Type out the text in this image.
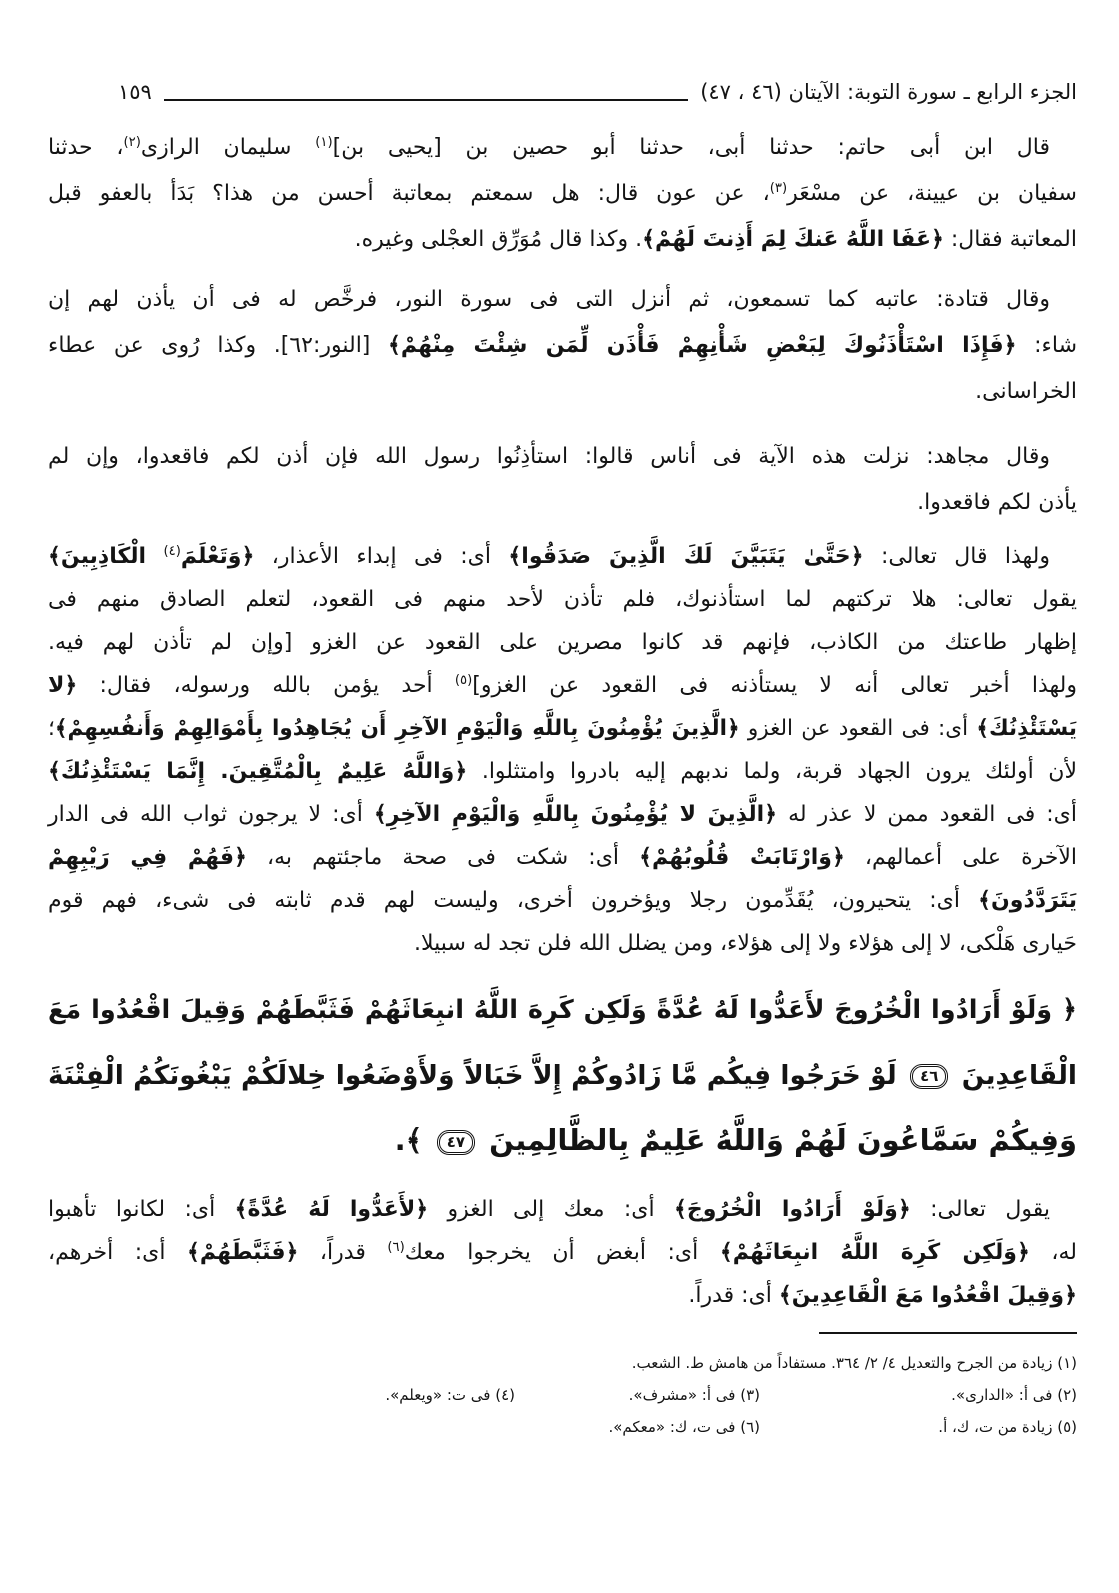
الجزء الرابع ـ سورة التوبة: الآيتان (٤٦ ، ٤٧)
١٥٩
قال ابن أبى حاتم: حدثنا أبى، حدثنا أبو حصين بن [يحيى بن]$^{(١)}$ سليمان الرازى$^{(٢)}$، حدثنا
سفيان بن عيينة، عن مسْعَر$^{(٣)}$، عن عون قال: هل سمعتم بمعاتبة أحسن من هذا؟ بَدَأ بالعفو قبل
المعاتبة فقال: ﴿عَفَا اللَّهُ عَنكَ لِمَ أَذِنتَ لَهُمْ﴾. وكذا قال مُوَرِّق العجْلى وغيره.
وقال قتادة: عاتبه كما تسمعون، ثم أنزل التى فى سورة النور، فرخَّص له فى أن يأذن لهم إن
شاء: ﴿فَإِذَا اسْتَأْذَنُوكَ لِبَعْضِ شَأْنِهِمْ فَأْذَن لِّمَن شِئْتَ مِنْهُمْ﴾ [النور:٦٢]. وكذا رُوى عن عطاء
الخراسانى.
وقال مجاهد: نزلت هذه الآية فى أناس قالوا: استأذِنُوا رسول الله فإن أذن لكم فاقعدوا، وإن لم
يأذن لكم فاقعدوا.
ولهذا قال تعالى: ﴿حَتَّىٰ يَتَبَيَّنَ لَكَ الَّذِينَ صَدَقُوا﴾ أى: فى إبداء الأعذار، ﴿وَتَعْلَمَ$^{(٤)}$ الْكَاذِبِينَ﴾
يقول تعالى: هلا تركتهم لما استأذنوك، فلم تأذن لأحد منهم فى القعود، لتعلم الصادق منهم فى
إظهار طاعتك من الكاذب، فإنهم قد كانوا مصرين على القعود عن الغزو [وإن لم تأذن لهم فيه.
ولهذا أخبر تعالى أنه لا يستأذنه فى القعود عن الغزو]$^{(٥)}$ أحد يؤمن بالله ورسوله، فقال: ﴿لا
يَسْتَئْذِنُكَ﴾ أى: فى القعود عن الغزو ﴿الَّذِينَ يُؤْمِنُونَ بِاللَّهِ وَالْيَوْمِ الآخِرِ أَن يُجَاهِدُوا بِأَمْوَالِهِمْ وَأَنفُسِهِمْ﴾؛
لأن أولئك يرون الجهاد قربة، ولما ندبهم إليه بادروا وامتثلوا. ﴿وَاللَّهُ عَلِيمٌ بِالْمُتَّقِينَ. إِنَّمَا يَسْتَئْذِنُكَ﴾
أى: فى القعود ممن لا عذر له ﴿الَّذِينَ لا يُؤْمِنُونَ بِاللَّهِ وَالْيَوْمِ الآخِرِ﴾ أى: لا يرجون ثواب الله فى الدار
الآخرة على أعمالهم، ﴿وَارْتَابَتْ قُلُوبُهُمْ﴾ أى: شكت فى صحة ماجئتهم به، ﴿فَهُمْ فِي رَيْبِهِمْ
يَتَرَدَّدُونَ﴾ أى: يتحيرون، يُقَدِّمون رجلا ويؤخرون أخرى، وليست لهم قدم ثابته فى شىء، فهم قوم
حَيارى هَلْكى، لا إلى هؤلاء ولا إلى هؤلاء، ومن يضلل الله فلن تجد له سبيلا.
﴿ وَلَوْ أَرَادُوا الْخُرُوجَ لأَعَدُّوا لَهُ عُدَّةً وَلَكِن كَرِهَ اللَّهُ انبِعَاثَهُمْ فَثَبَّطَهُمْ وَقِيلَ اقْعُدُوا مَعَ
الْقَاعِدِينَ ٤٦ لَوْ خَرَجُوا فِيكُم مَّا زَادُوكُمْ إِلاَّ خَبَالاً وَلأَوْضَعُوا خِلالَكُمْ يَبْغُونَكُمُ الْفِتْنَةَ
وَفِيكُمْ سَمَّاعُونَ لَهُمْ وَاللَّهُ عَلِيمٌ بِالظَّالِمِينَ ٤٧ ﴾.
يقول تعالى: ﴿وَلَوْ أَرَادُوا الْخُرُوجَ﴾ أى: معك إلى الغزو ﴿لأَعَدُّوا لَهُ عُدَّةً﴾ أى: لكانوا تأهبوا
له، ﴿وَلَكِن كَرِهَ اللَّهُ انبِعَاثَهُمْ﴾ أى: أبغض أن يخرجوا معك$^{(٦)}$ قدراً، ﴿فَثَبَّطَهُمْ﴾ أى: أخرهم،
﴿وَقِيلَ اقْعُدُوا مَعَ الْقَاعِدِينَ﴾ أى: قدراً.
(١) زيادة من الجرح والتعديل ٤/ ٢/ ٣٦٤. مستفاداً من هامش ط. الشعب.
(٢) فى أ: «الدارى».
(٣) فى أ: «مشرف».
(٤) فى ت: «ويعلم».
(٥) زيادة من ت، ك، أ.
(٦) فى ت، ك: «معكم».
